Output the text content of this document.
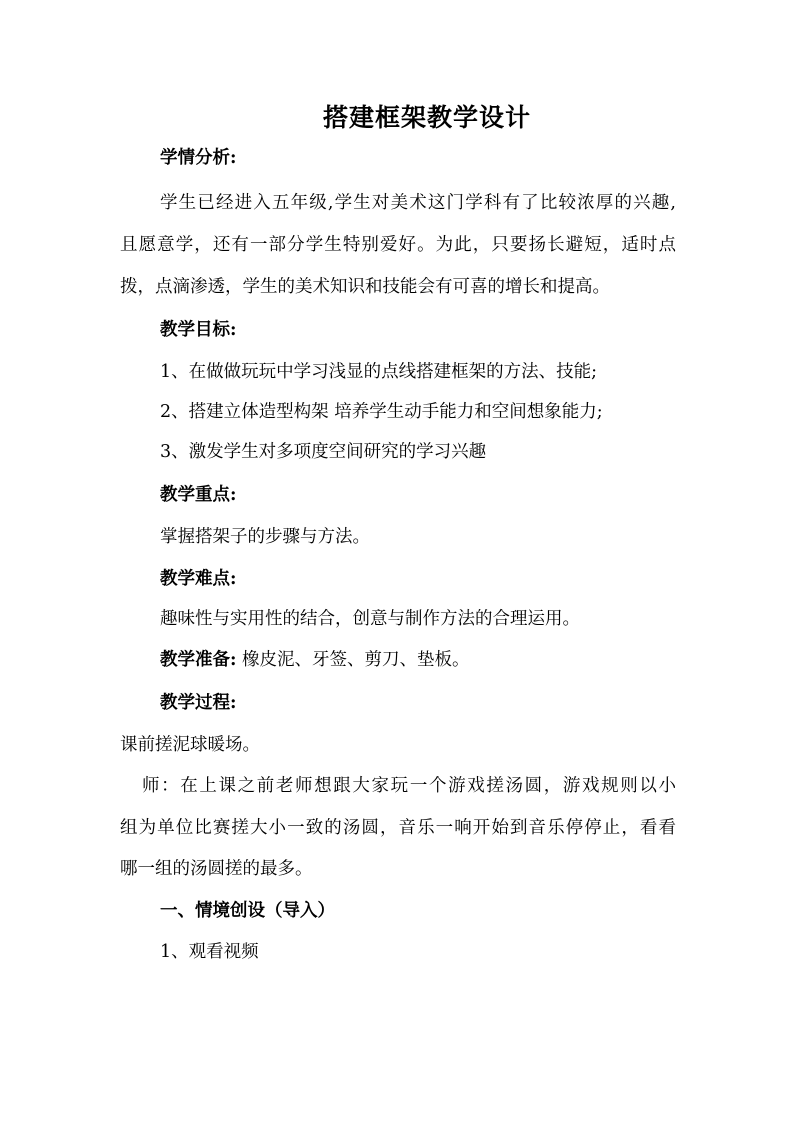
搭建框架教学设计
学情分析:
学生已经进入五年级,学生对美术这门学科有了比较浓厚的兴趣,
且愿意学，还有一部分学生特别爱好。为此，只要扬长避短，适时点
拨，点滴渗透，学生的美术知识和技能会有可喜的增长和提高。
教学目标:
1、在做做玩玩中学习浅显的点线搭建框架的方法、技能;
2、搭建立体造型构架 培养学生动手能力和空间想象能力;
3、激发学生对多项度空间研究的学习兴趣
教学重点:
掌握搭架子的步骤与方法。
教学难点:
趣味性与实用性的结合，创意与制作方法的合理运用。
教学准备: 橡皮泥、牙签、剪刀、垫板。
教学过程:
课前搓泥球暖场。
师：在上课之前老师想跟大家玩一个游戏搓汤圆，游戏规则以小
组为单位比赛搓大小一致的汤圆，音乐一响开始到音乐停停止，看看
哪一组的汤圆搓的最多。
一、情境创设（导入）
1、观看视频
